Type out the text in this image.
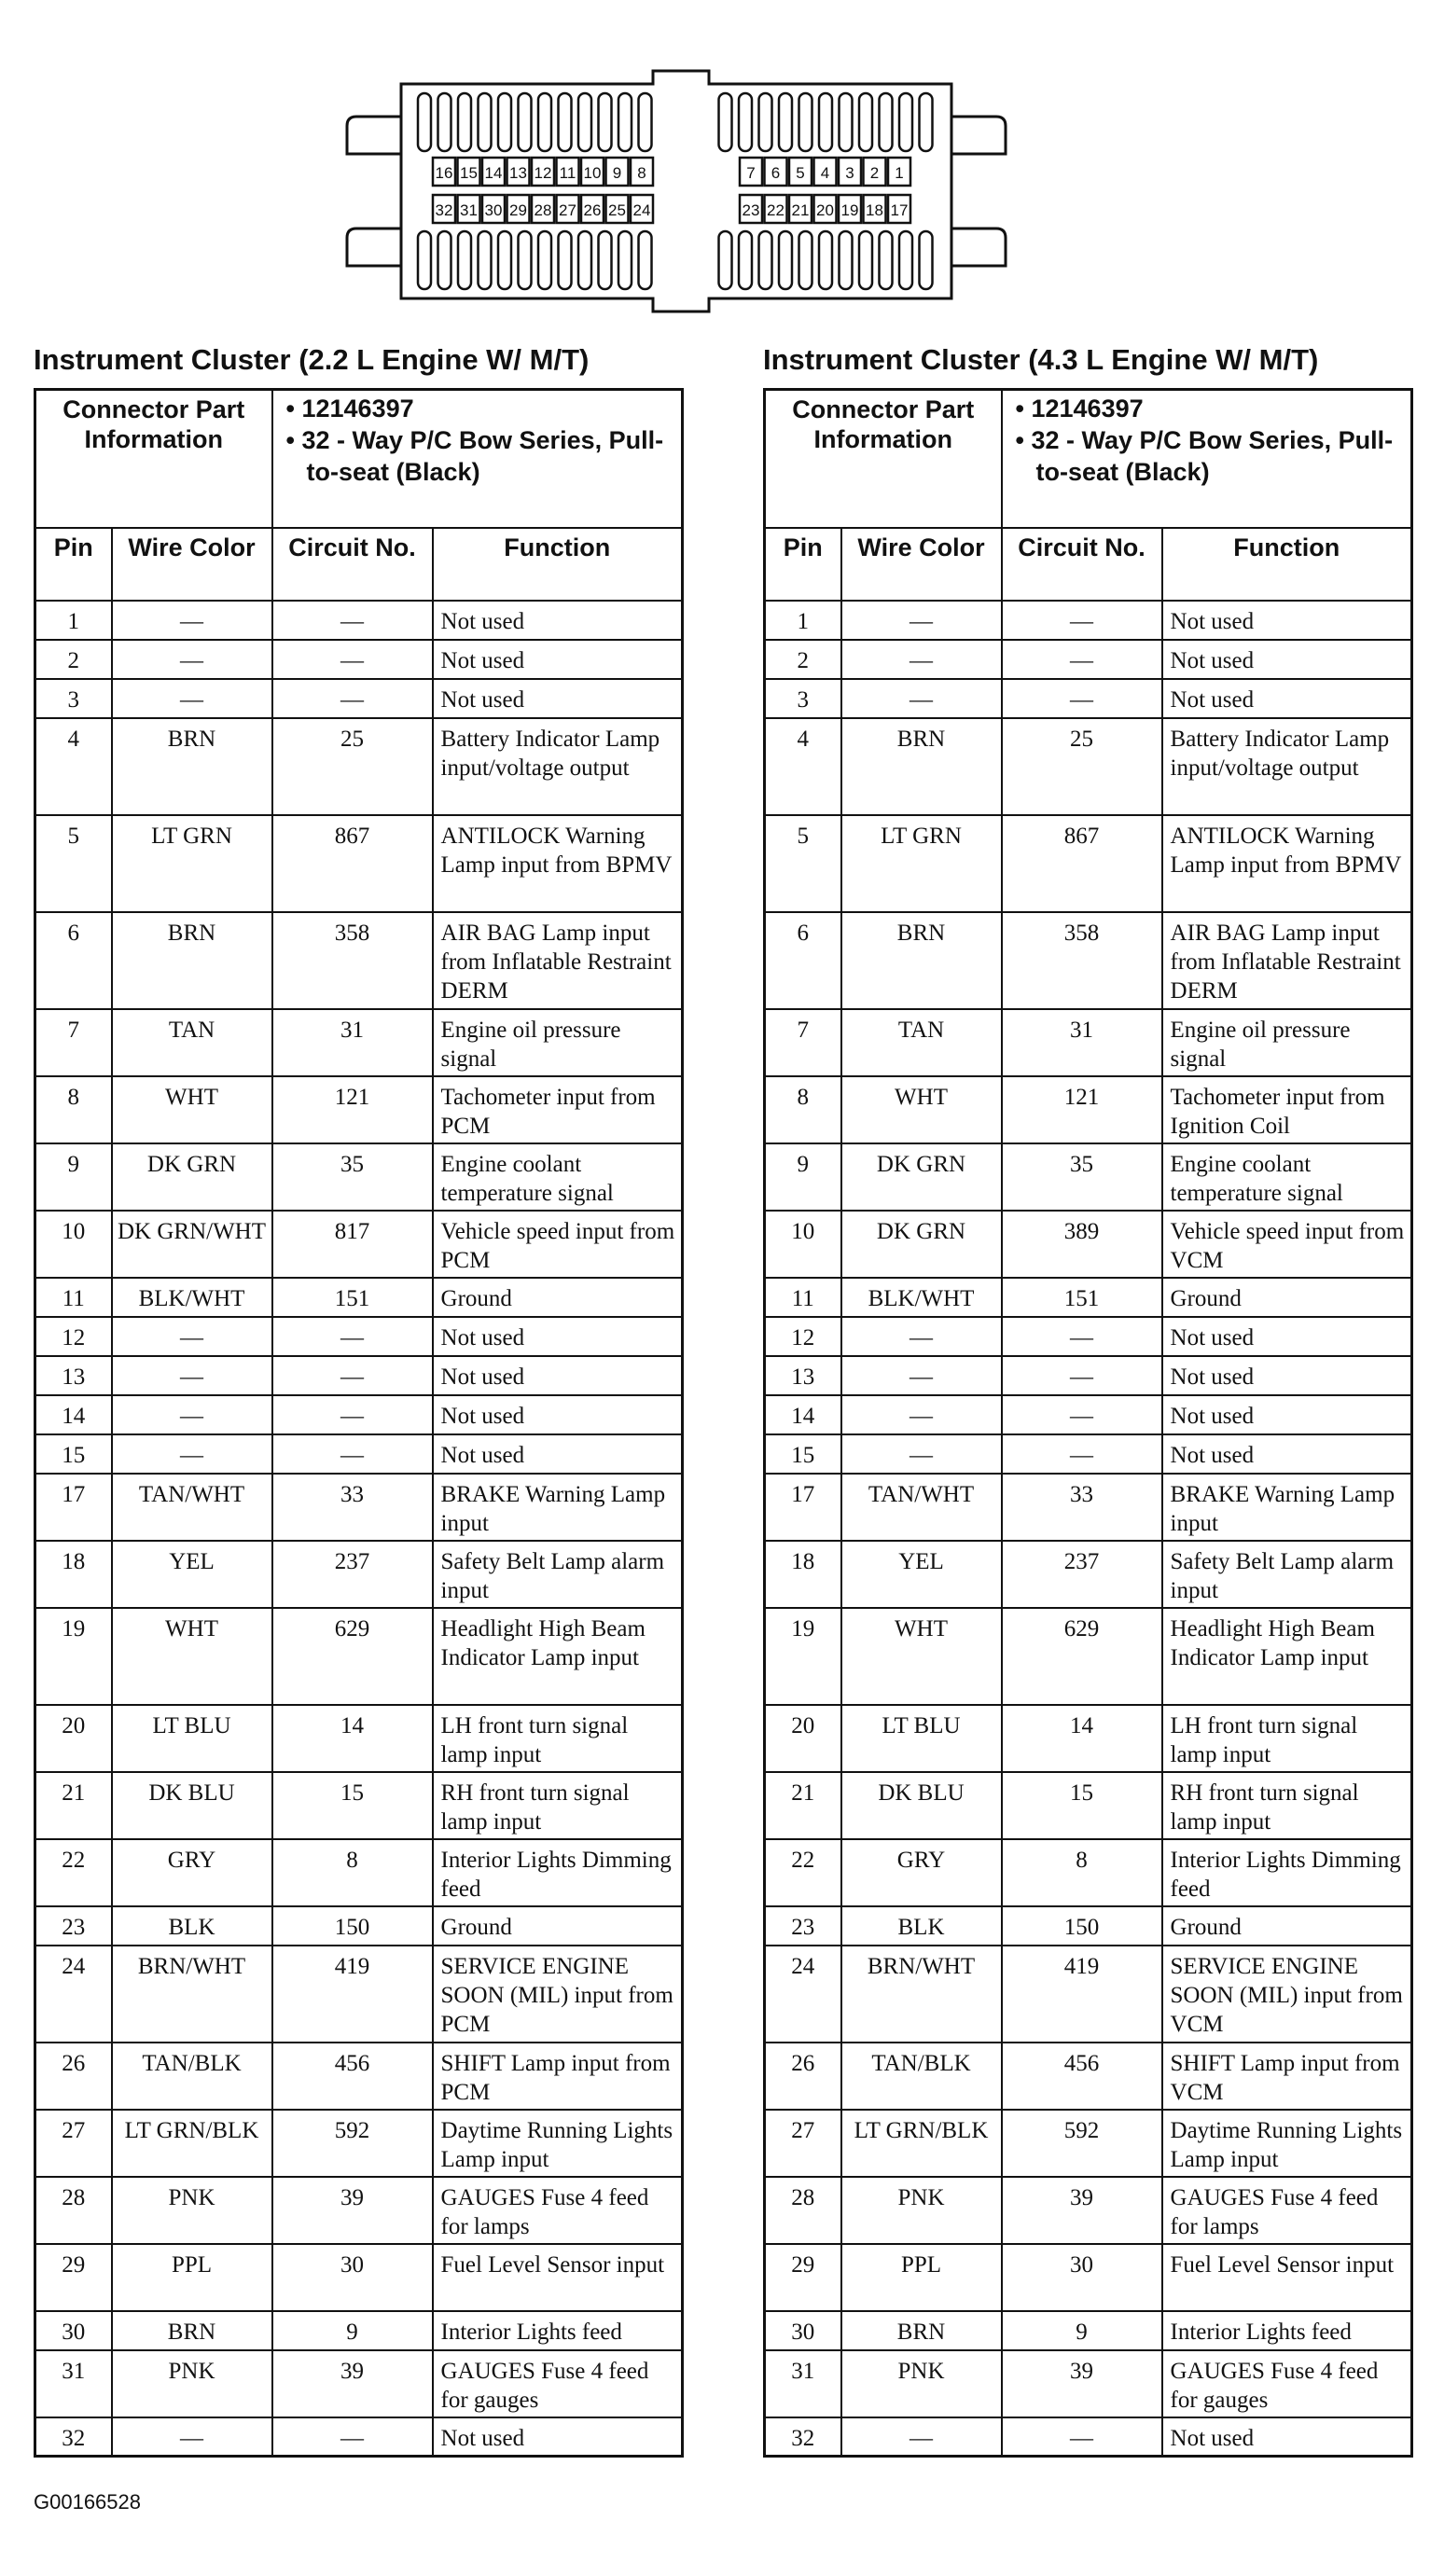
16 15 14 13 12 11 10 9 8	7 6 5 4 3 2 1
32 31 30 29 28 27 26 25 24	23 22 21 20 19 18 17
Instrument Cluster (2.2 L Engine W/ M/T)	Instrument Cluster (4.3 L Engine W/ M/T)
Connector Part Information		• 12146397
• 32 - Way P/C Bow Series, Pull-to-seat (Black)	

Pin	Wire Color	Circuit No.	Function
1	—	—	Not used
2	—	—	Not used
3	—	—	Not used
4	BRN	25	Battery Indicator Lamp input/voltage output
5	LT GRN	867	ANTILOCK Warning Lamp input from BPMV
6	BRN	358	AIR BAG Lamp input from Inflatable Restraint DERM
7	TAN	31	Engine oil pressure signal
8	WHT	121	Tachometer input from PCM
9	DK GRN	35	Engine coolant temperature signal
10	DK GRN/WHT	817	Vehicle speed input from PCM
11	BLK/WHT	151	Ground
12	—	—	Not used
13	—	—	Not used
14	—	—	Not used
15	—	—	Not used
17	TAN/WHT	33	BRAKE Warning Lamp input
18	YEL	237	Safety Belt Lamp alarm input
19	WHT	629	Headlight High Beam Indicator Lamp input
20	LT BLU	14	LH front turn signal lamp input
21	DK BLU	15	RH front turn signal lamp input
22	GRY	8	Interior Lights Dimming feed
23	BLK	150	Ground
24	BRN/WHT	419	SERVICE ENGINE SOON (MIL) input from PCM
26	TAN/BLK	456	SHIFT Lamp input from PCM
27	LT GRN/BLK	592	Daytime Running Lights Lamp input
28	PNK	39	GAUGES Fuse 4 feed for lamps
29	PPL	30	Fuel Level Sensor input
30	BRN	9	Interior Lights feed
31	PNK	39	GAUGES Fuse 4 feed for gauges
32	—	—	Not used
Connector Part Information		• 12146397
• 32 - Way P/C Bow Series, Pull-to-seat (Black)	

Pin	Wire Color	Circuit No.	Function
1	—	—	Not used
2	—	—	Not used
3	—	—	Not used
4	BRN	25	Battery Indicator Lamp input/voltage output
5	LT GRN	867	ANTILOCK Warning Lamp input from BPMV
6	BRN	358	AIR BAG Lamp input from Inflatable Restraint DERM
7	TAN	31	Engine oil pressure signal
8	WHT	121	Tachometer input from Ignition Coil
9	DK GRN	35	Engine coolant temperature signal
10	DK GRN	389	Vehicle speed input from VCM
11	BLK/WHT	151	Ground
12	—	—	Not used
13	—	—	Not used
14	—	—	Not used
15	—	—	Not used
17	TAN/WHT	33	BRAKE Warning Lamp input
18	YEL	237	Safety Belt Lamp alarm input
19	WHT	629	Headlight High Beam Indicator Lamp input
20	LT BLU	14	LH front turn signal lamp input
21	DK BLU	15	RH front turn signal lamp input
22	GRY	8	Interior Lights Dimming feed
23	BLK	150	Ground
24	BRN/WHT	419	SERVICE ENGINE SOON (MIL) input from VCM
26	TAN/BLK	456	SHIFT Lamp input from VCM
27	LT GRN/BLK	592	Daytime Running Lights Lamp input
28	PNK	39	GAUGES Fuse 4 feed for lamps
29	PPL	30	Fuel Level Sensor input
30	BRN	9	Interior Lights feed
31	PNK	39	GAUGES Fuse 4 feed for gauges
32	—	—	Not used
G00166528
